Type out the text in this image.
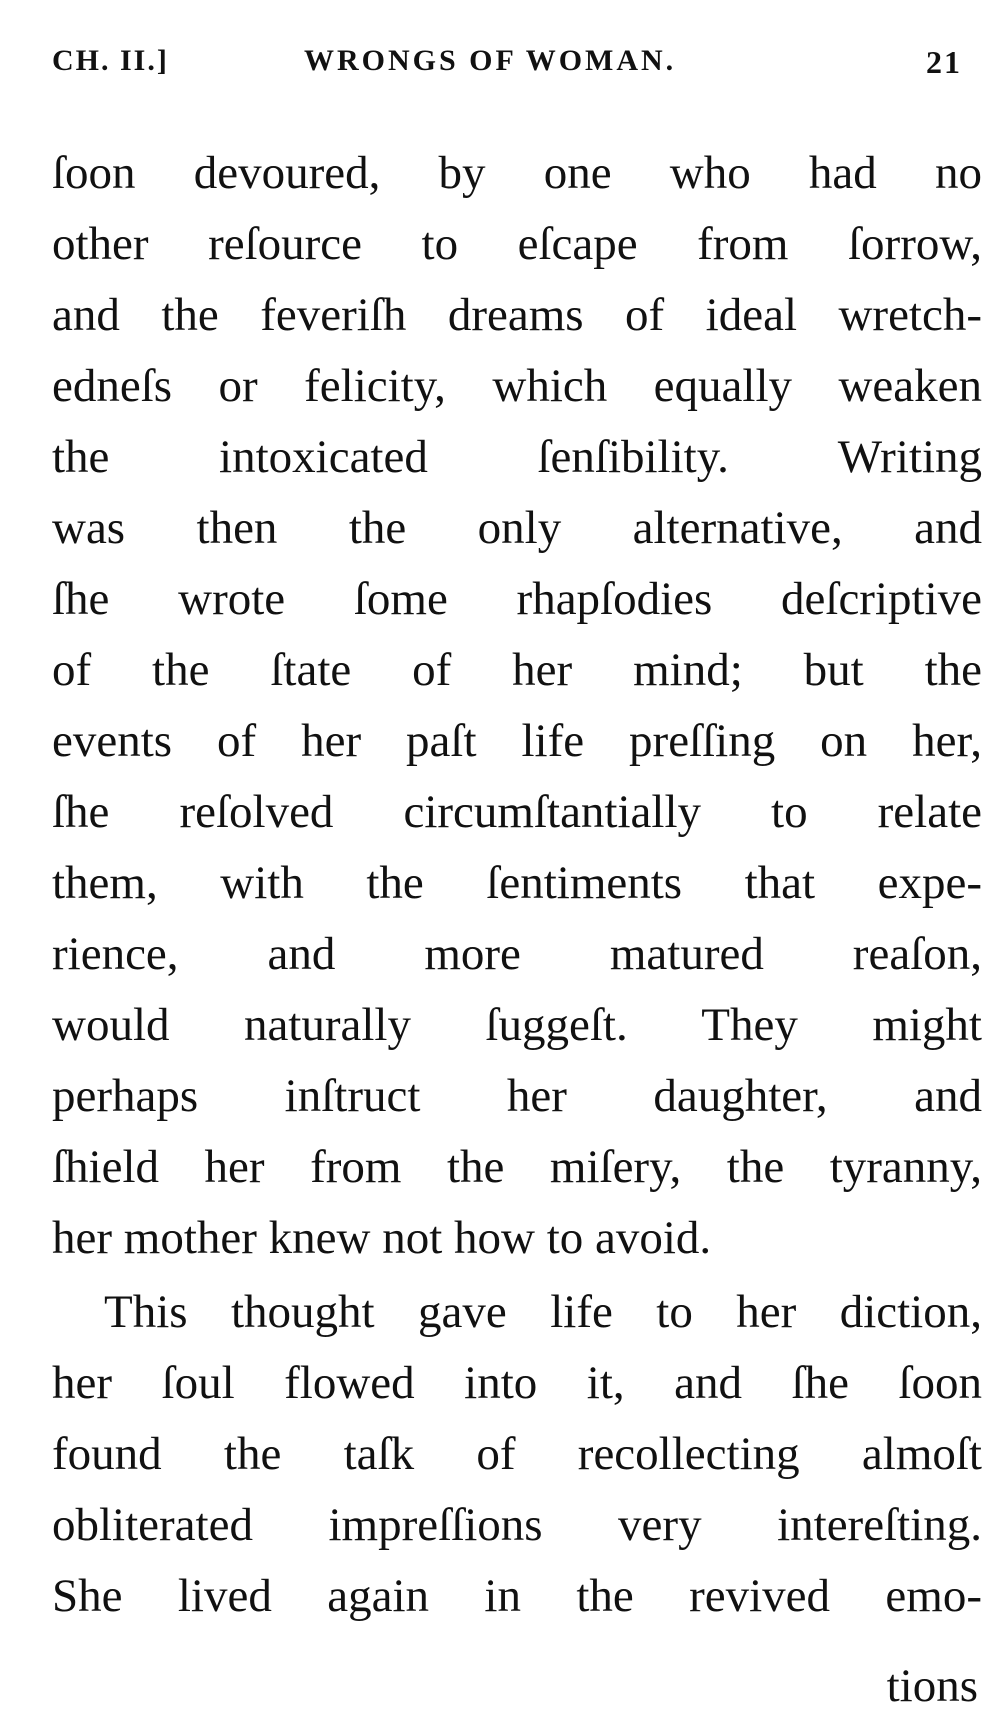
CH. II.]	WRONGS OF WOMAN.	21
ſoon devoured, by one who had no
other reſource to eſcape from ſorrow,
and the feveriſh dreams of ideal wretch-
edneſs or felicity, which equally weaken
the intoxicated ſenſibility. Writing
was then the only alternative, and
ſhe wrote ſome rhapſodies deſcriptive
of the ſtate of her mind; but the
events of her paſt life preſſing on her,
ſhe reſolved circumſtantially to relate
them, with the ſentiments that expe-
rience, and more matured reaſon,
would naturally ſuggeſt. They might
perhaps inſtruct her daughter, and
ſhield her from the miſery, the tyranny,
her mother knew not how to avoid.
This thought gave life to her diction,
her ſoul flowed into it, and ſhe ſoon
found the taſk of recollecting almoſt
obliterated impreſſions very intereſting.
She lived again in the revived emo-
tions
